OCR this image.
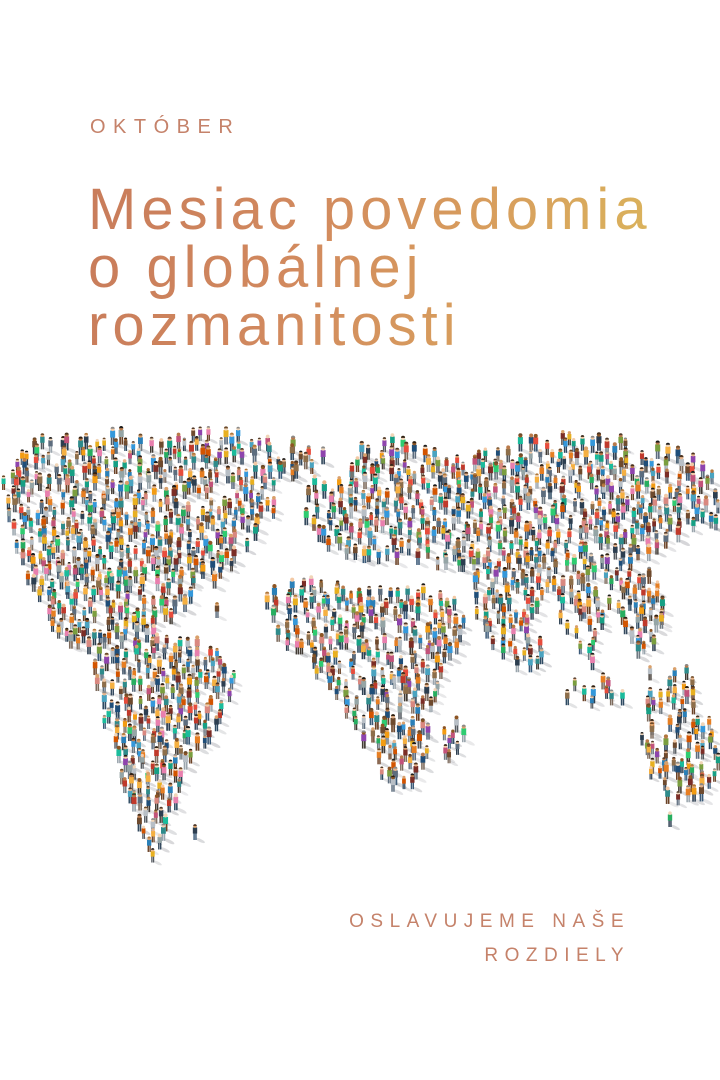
OKTÓBER
Mesiac povedomia
o globálnej
rozmanitosti
OSLAVUJEME NAŠE
ROZDIELY
